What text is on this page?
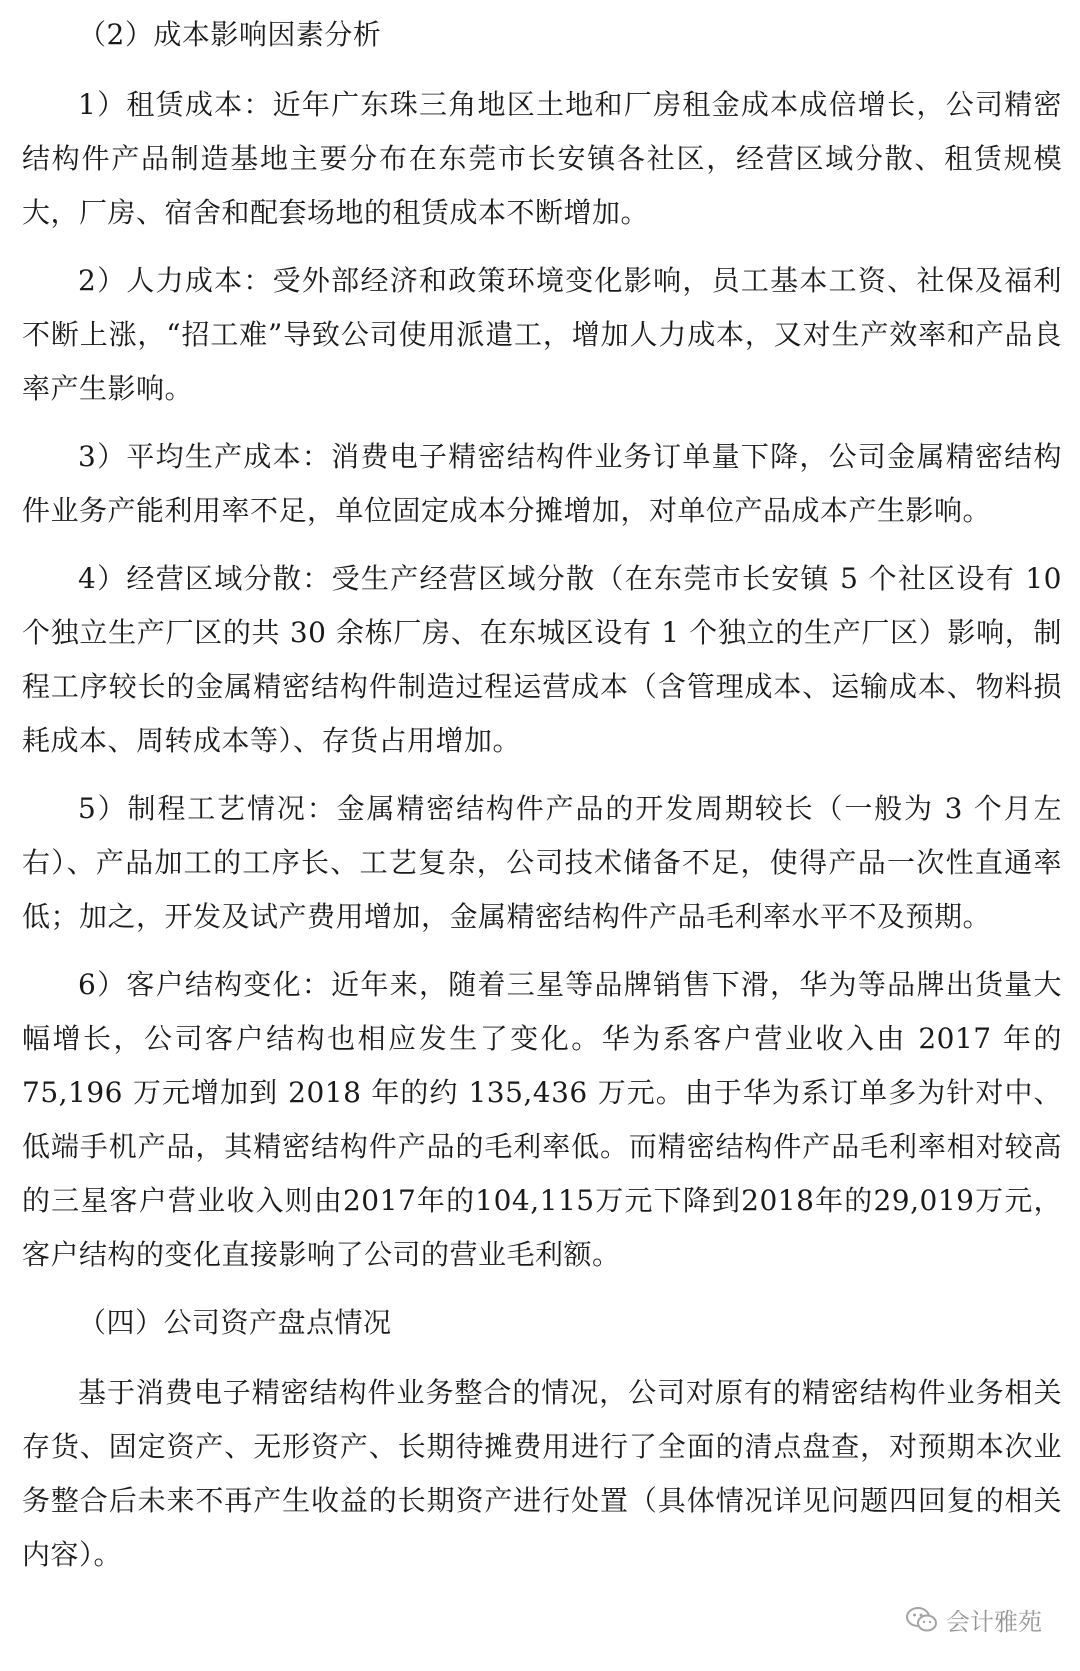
（2）成本影响因素分析

1）租赁成本：近年广东珠三角地区土地和厂房租金成本成倍增长，公司精密结构件产品制造基地主要分布在东莞市长安镇各社区，经营区域分散、租赁规模大，厂房、宿舍和配套场地的租赁成本不断增加。

2）人力成本：受外部经济和政策环境变化影响，员工基本工资、社保及福利不断上涨，“招工难”导致公司使用派遣工，增加人力成本，又对生产效率和产品良率产生影响。

3）平均生产成本：消费电子精密结构件业务订单量下降，公司金属精密结构件业务产能利用率不足，单位固定成本分摊增加，对单位产品成本产生影响。

4）经营区域分散：受生产经营区域分散（在东莞市长安镇 5 个社区设有 10 个独立生产厂区的共 30 余栋厂房、在东城区设有 1 个独立的生产厂区）影响，制程工序较长的金属精密结构件制造过程运营成本（含管理成本、运输成本、物料损耗成本、周转成本等）、存货占用增加。

5）制程工艺情况：金属精密结构件产品的开发周期较长（一般为 3 个月左右）、产品加工的工序长、工艺复杂，公司技术储备不足，使得产品一次性直通率低；加之，开发及试产费用增加，金属精密结构件产品毛利率水平不及预期。

6）客户结构变化：近年来，随着三星等品牌销售下滑，华为等品牌出货量大幅增长，公司客户结构也相应发生了变化。华为系客户营业收入由 2017 年的 75,196 万元增加到 2018 年的约 135,436 万元。由于华为系订单多为针对中、低端手机产品，其精密结构件产品的毛利率低。而精密结构件产品毛利率相对较高的三星客户营业收入则由2017年的104,115万元下降到2018年的29,019万元，客户结构的变化直接影响了公司的营业毛利额。

（四）公司资产盘点情况

基于消费电子精密结构件业务整合的情况，公司对原有的精密结构件业务相关存货、固定资产、无形资产、长期待摊费用进行了全面的清点盘查，对预期本次业务整合后未来不再产生收益的长期资产进行处置（具体情况详见问题四回复的相关内容）。

会计雅苑
